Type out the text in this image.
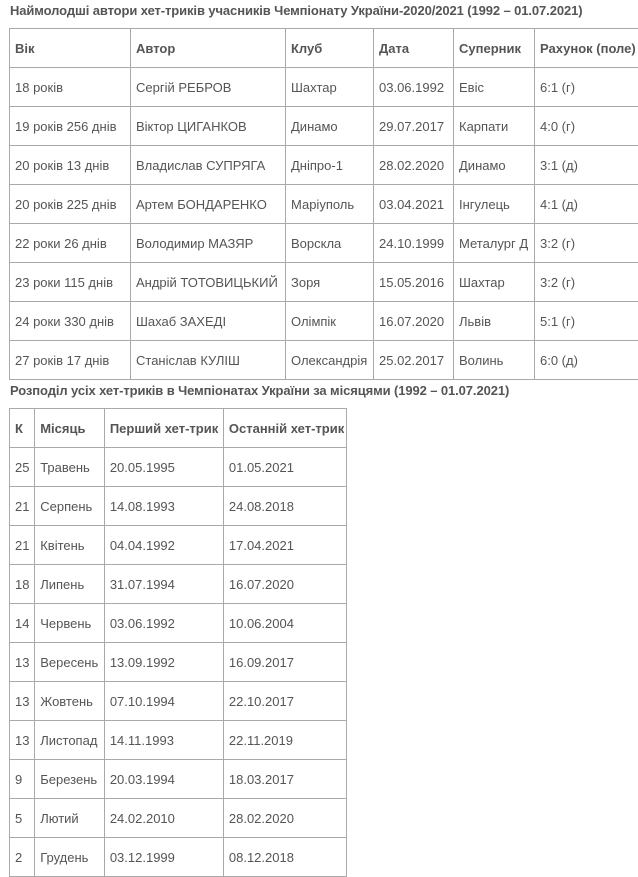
Наймолодші автори хет-триків учасників Чемпіонату України-2020/2021 (1992 – 01.07.2021)
Вік	Автор	Клуб	Дата	Суперник	Рахунок (поле)
18 років	Сергій РЕБРОВ	Шахтар	03.06.1992	Евіс	6:1 (г)
19 років 256 днів	Віктор ЦИГАНКОВ	Динамо	29.07.2017	Карпати	4:0 (г)
20 років 13 днів	Владислав СУПРЯГА	Дніпро-1	28.02.2020	Динамо	3:1 (д)
20 років 225 днів	Артем БОНДАРЕНКО	Маріуполь	03.04.2021	Інгулець	4:1 (д)
22 роки 26 днів	Володимир МАЗЯР	Ворскла	24.10.1999	Металург Д	3:2 (г)
23 роки 115 днів	Андрій ТОТОВИЦЬКИЙ	Зоря	15.05.2016	Шахтар	3:2 (г)
24 роки 330 днів	Шахаб ЗАХЕДІ	Олімпік	16.07.2020	Львів	5:1 (г)
27 років 17 днів	Станіслав КУЛІШ	Олександрія	25.02.2017	Волинь	6:0 (д)
Розподіл усіх хет-триків в Чемпіонатах України за місяцями (1992 – 01.07.2021)
К	Місяць	Перший хет-трик	Останній хет-трик
25	Травень	20.05.1995	01.05.2021
21	Серпень	14.08.1993	24.08.2018
21	Квітень	04.04.1992	17.04.2021
18	Липень	31.07.1994	16.07.2020
14	Червень	03.06.1992	10.06.2004
13	Вересень	13.09.1992	16.09.2017
13	Жовтень	07.10.1994	22.10.2017
13	Листопад	14.11.1993	22.11.2019
9	Березень	20.03.1994	18.03.2017
5	Лютий	24.02.2010	28.02.2020
2	Грудень	03.12.1999	08.12.2018
